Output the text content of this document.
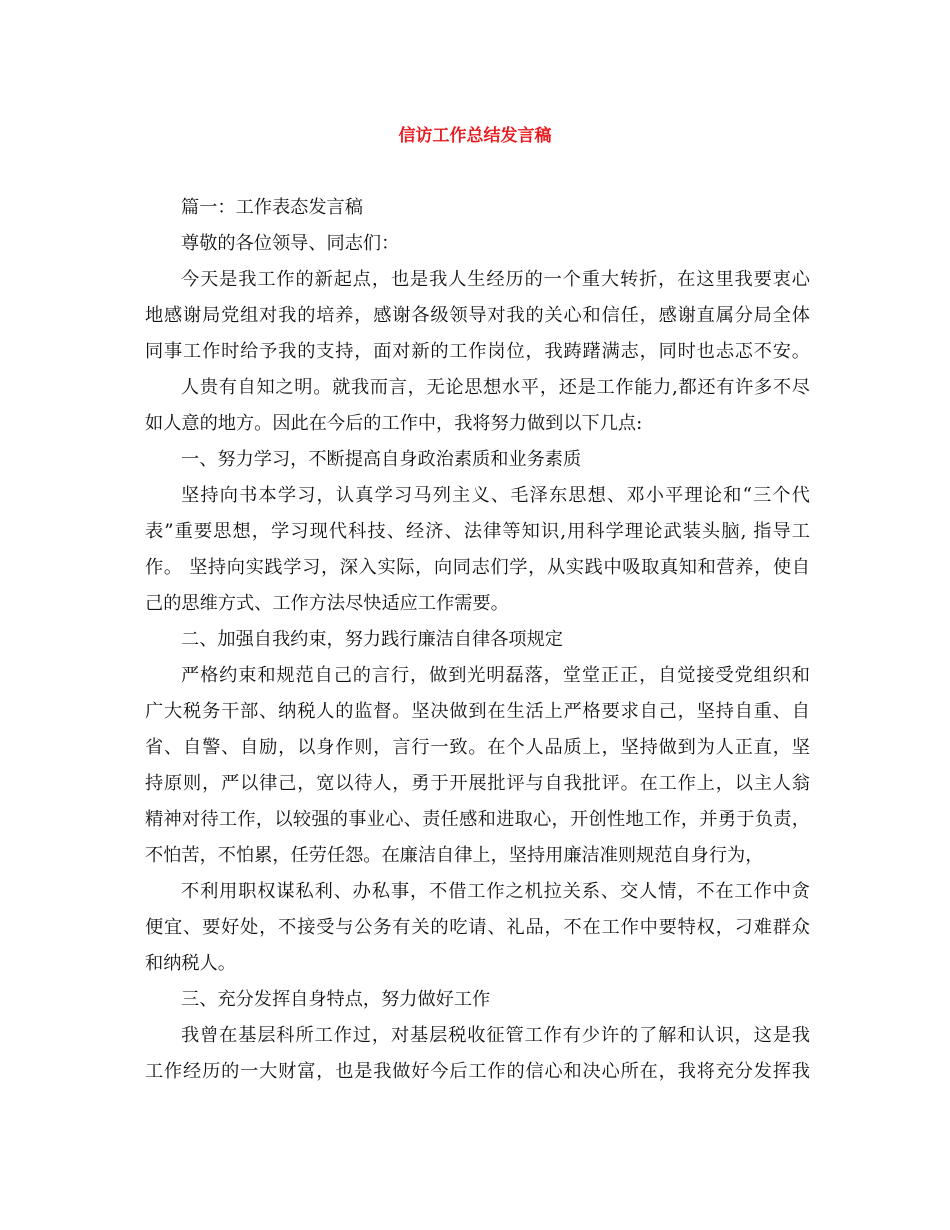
信访工作总结发言稿
篇一：工作表态发言稿
尊敬的各位领导、同志们：
今天是我工作的新起点，也是我人生经历的一个重大转折，在这里我要衷心
地感谢局党组对我的培养，感谢各级领导对我的关心和信任，感谢直属分局全体
同事工作时给予我的支持，面对新的工作岗位，我踌躇满志，同时也忐忑不安。
人贵有自知之明。就我而言，无论思想水平，还是工作能力,都还有许多不尽
如人意的地方。因此在今后的工作中，我将努力做到以下几点:
一、努力学习，不断提高自身政治素质和业务素质
坚持向书本学习，认真学习马列主义、毛泽东思想、邓小平理论和“三个代
表”重要思想，学习现代科技、经济、法律等知识,用科学理论武装头脑, 指导工
作。 坚持向实践学习，深入实际，向同志们学，从实践中吸取真知和营养，使自
己的思维方式、工作方法尽快适应工作需要。
二、加强自我约束，努力践行廉洁自律各项规定
严格约束和规范自己的言行，做到光明磊落，堂堂正正，自觉接受党组织和
广大税务干部、纳税人的监督。坚决做到在生活上严格要求自己，坚持自重、自
省、自警、自励，以身作则，言行一致。在个人品质上，坚持做到为人正直，坚
持原则，严以律己，宽以待人，勇于开展批评与自我批评。在工作上，以主人翁
精神对待工作，以较强的事业心、责任感和进取心，开创性地工作，并勇于负责，
不怕苦，不怕累，任劳任怨。在廉洁自律上，坚持用廉洁准则规范自身行为，
不利用职权谋私利、办私事，不借工作之机拉关系、交人情，不在工作中贪
便宜、要好处，不接受与公务有关的吃请、礼品，不在工作中要特权，刁难群众
和纳税人。
三、充分发挥自身特点，努力做好工作
我曾在基层科所工作过，对基层税收征管工作有少许的了解和认识，这是我
工作经历的一大财富，也是我做好今后工作的信心和决心所在，我将充分发挥我
